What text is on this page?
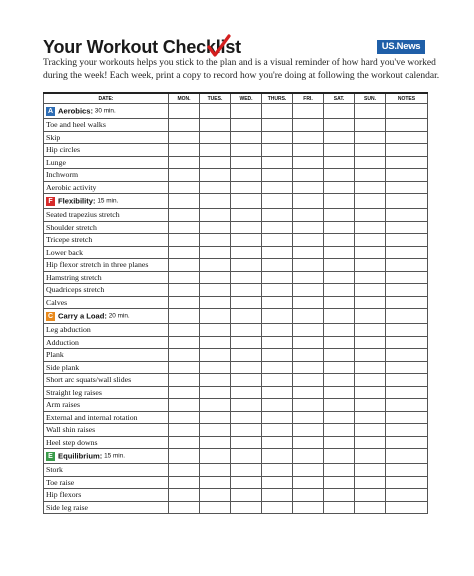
Your Workout Checklist	US.News
Tracking your workouts helps you stick to the plan and is a visual reminder of how hard you've worked during the week! Each week, print a copy to record how you're doing at following the workout calendar.
DATE:	MON.	TUES.	WED.	THURS.	FRI.	SAT.	SUN.	NOTES
A Aerobics: 30 min.								
Toe and heel walks								
Skip								
Hip circles								
Lunge								
Inchworm								
Aerobic activity								
F Flexibility: 15 min.								
Seated trapezius stretch								
Shoulder stretch								
Tricepe stretch								
Lower back								
Hip flexor stretch in three planes								
Hamstring stretch								
Quadriceps stretch								
Calves								
C Carry a Load: 20 min.								
Leg abduction								
Adduction								
Plank								
Side plank								
Short arc squats/wall slides								
Straight leg raises								
Arm raises								
External and internal rotation								
Wall shin raises								
Heel step downs								
E Equilibrium: 15 min.								
Stork								
Toe raise								
Hip flexors								
Side leg raise								
